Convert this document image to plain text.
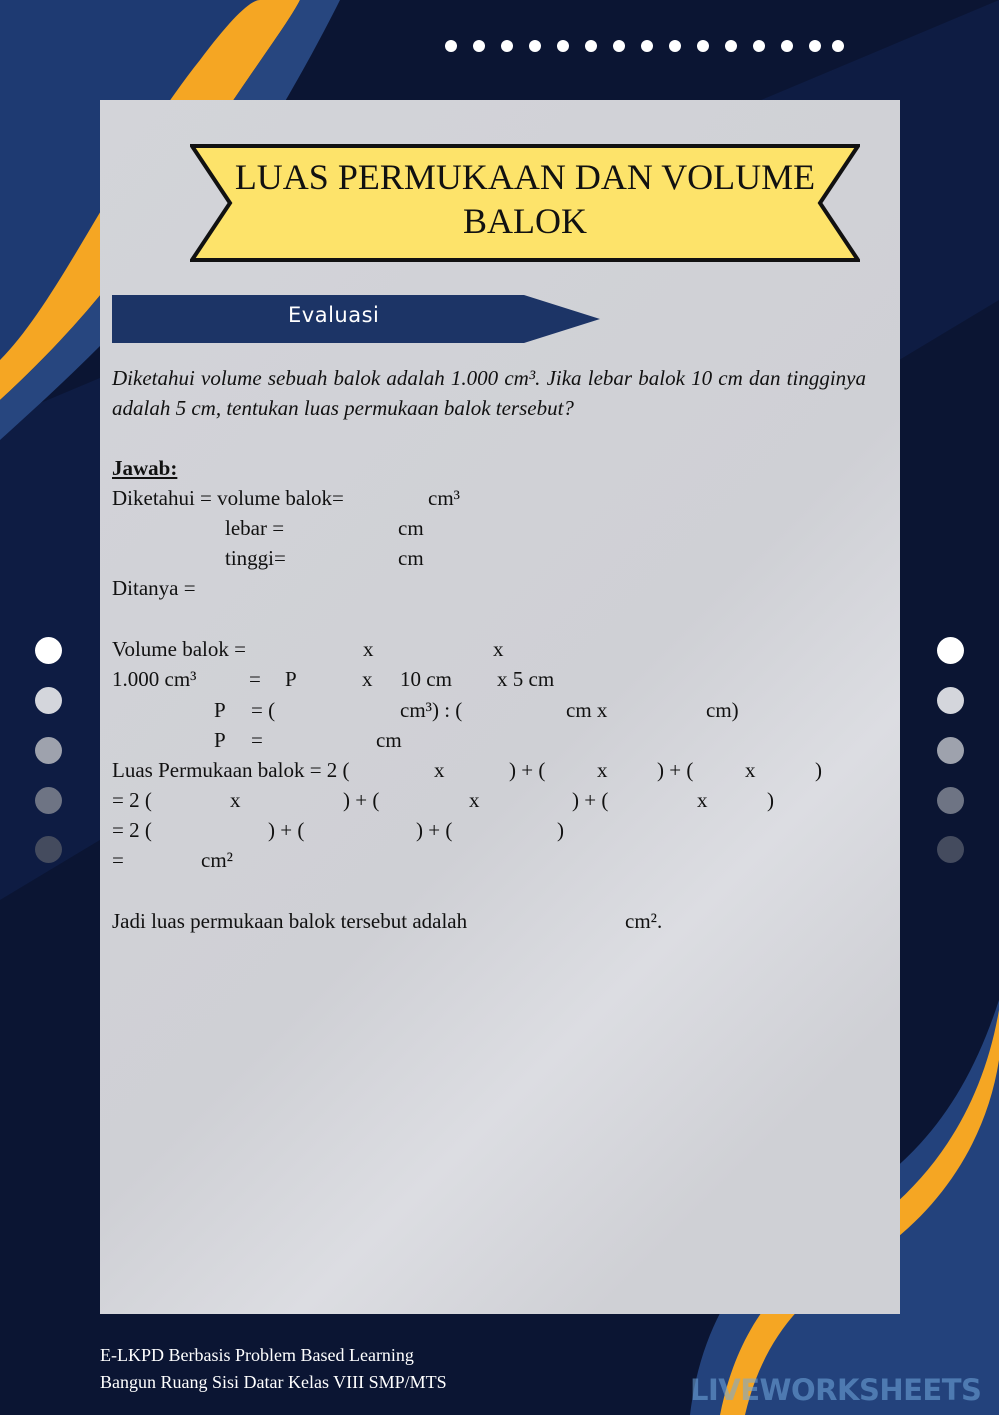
LUAS PERMUKAAN DAN VOLUME BALOK
Evaluasi
Diketahui volume sebuah balok adalah 1.000 cm³. Jika lebar balok 10 cm dan tingginya adalah 5 cm, tentukan luas permukaan balok tersebut?
Jawab:
Diketahui = volume balok=	cm³
lebar =	cm
tinggi=	cm
Ditanya =
Volume balok =	x	x
1.000 cm³	= P	x 10 cm x 5 cm
P = (	cm³) : (	cm x	cm)
P =	cm
Luas Permukaan balok = 2 (	x	) + ( x ) + ( x	)
= 2 (	x	) + (	x	) + (	x	)
= 2 (	) + (	) + (	)
=	cm²
Jadi luas permukaan balok tersebut adalah	cm².
E-LKPD Berbasis Problem Based Learning
Bangun Ruang Sisi Datar Kelas VIII SMP/MTS	LIVEWORKSHEETS
